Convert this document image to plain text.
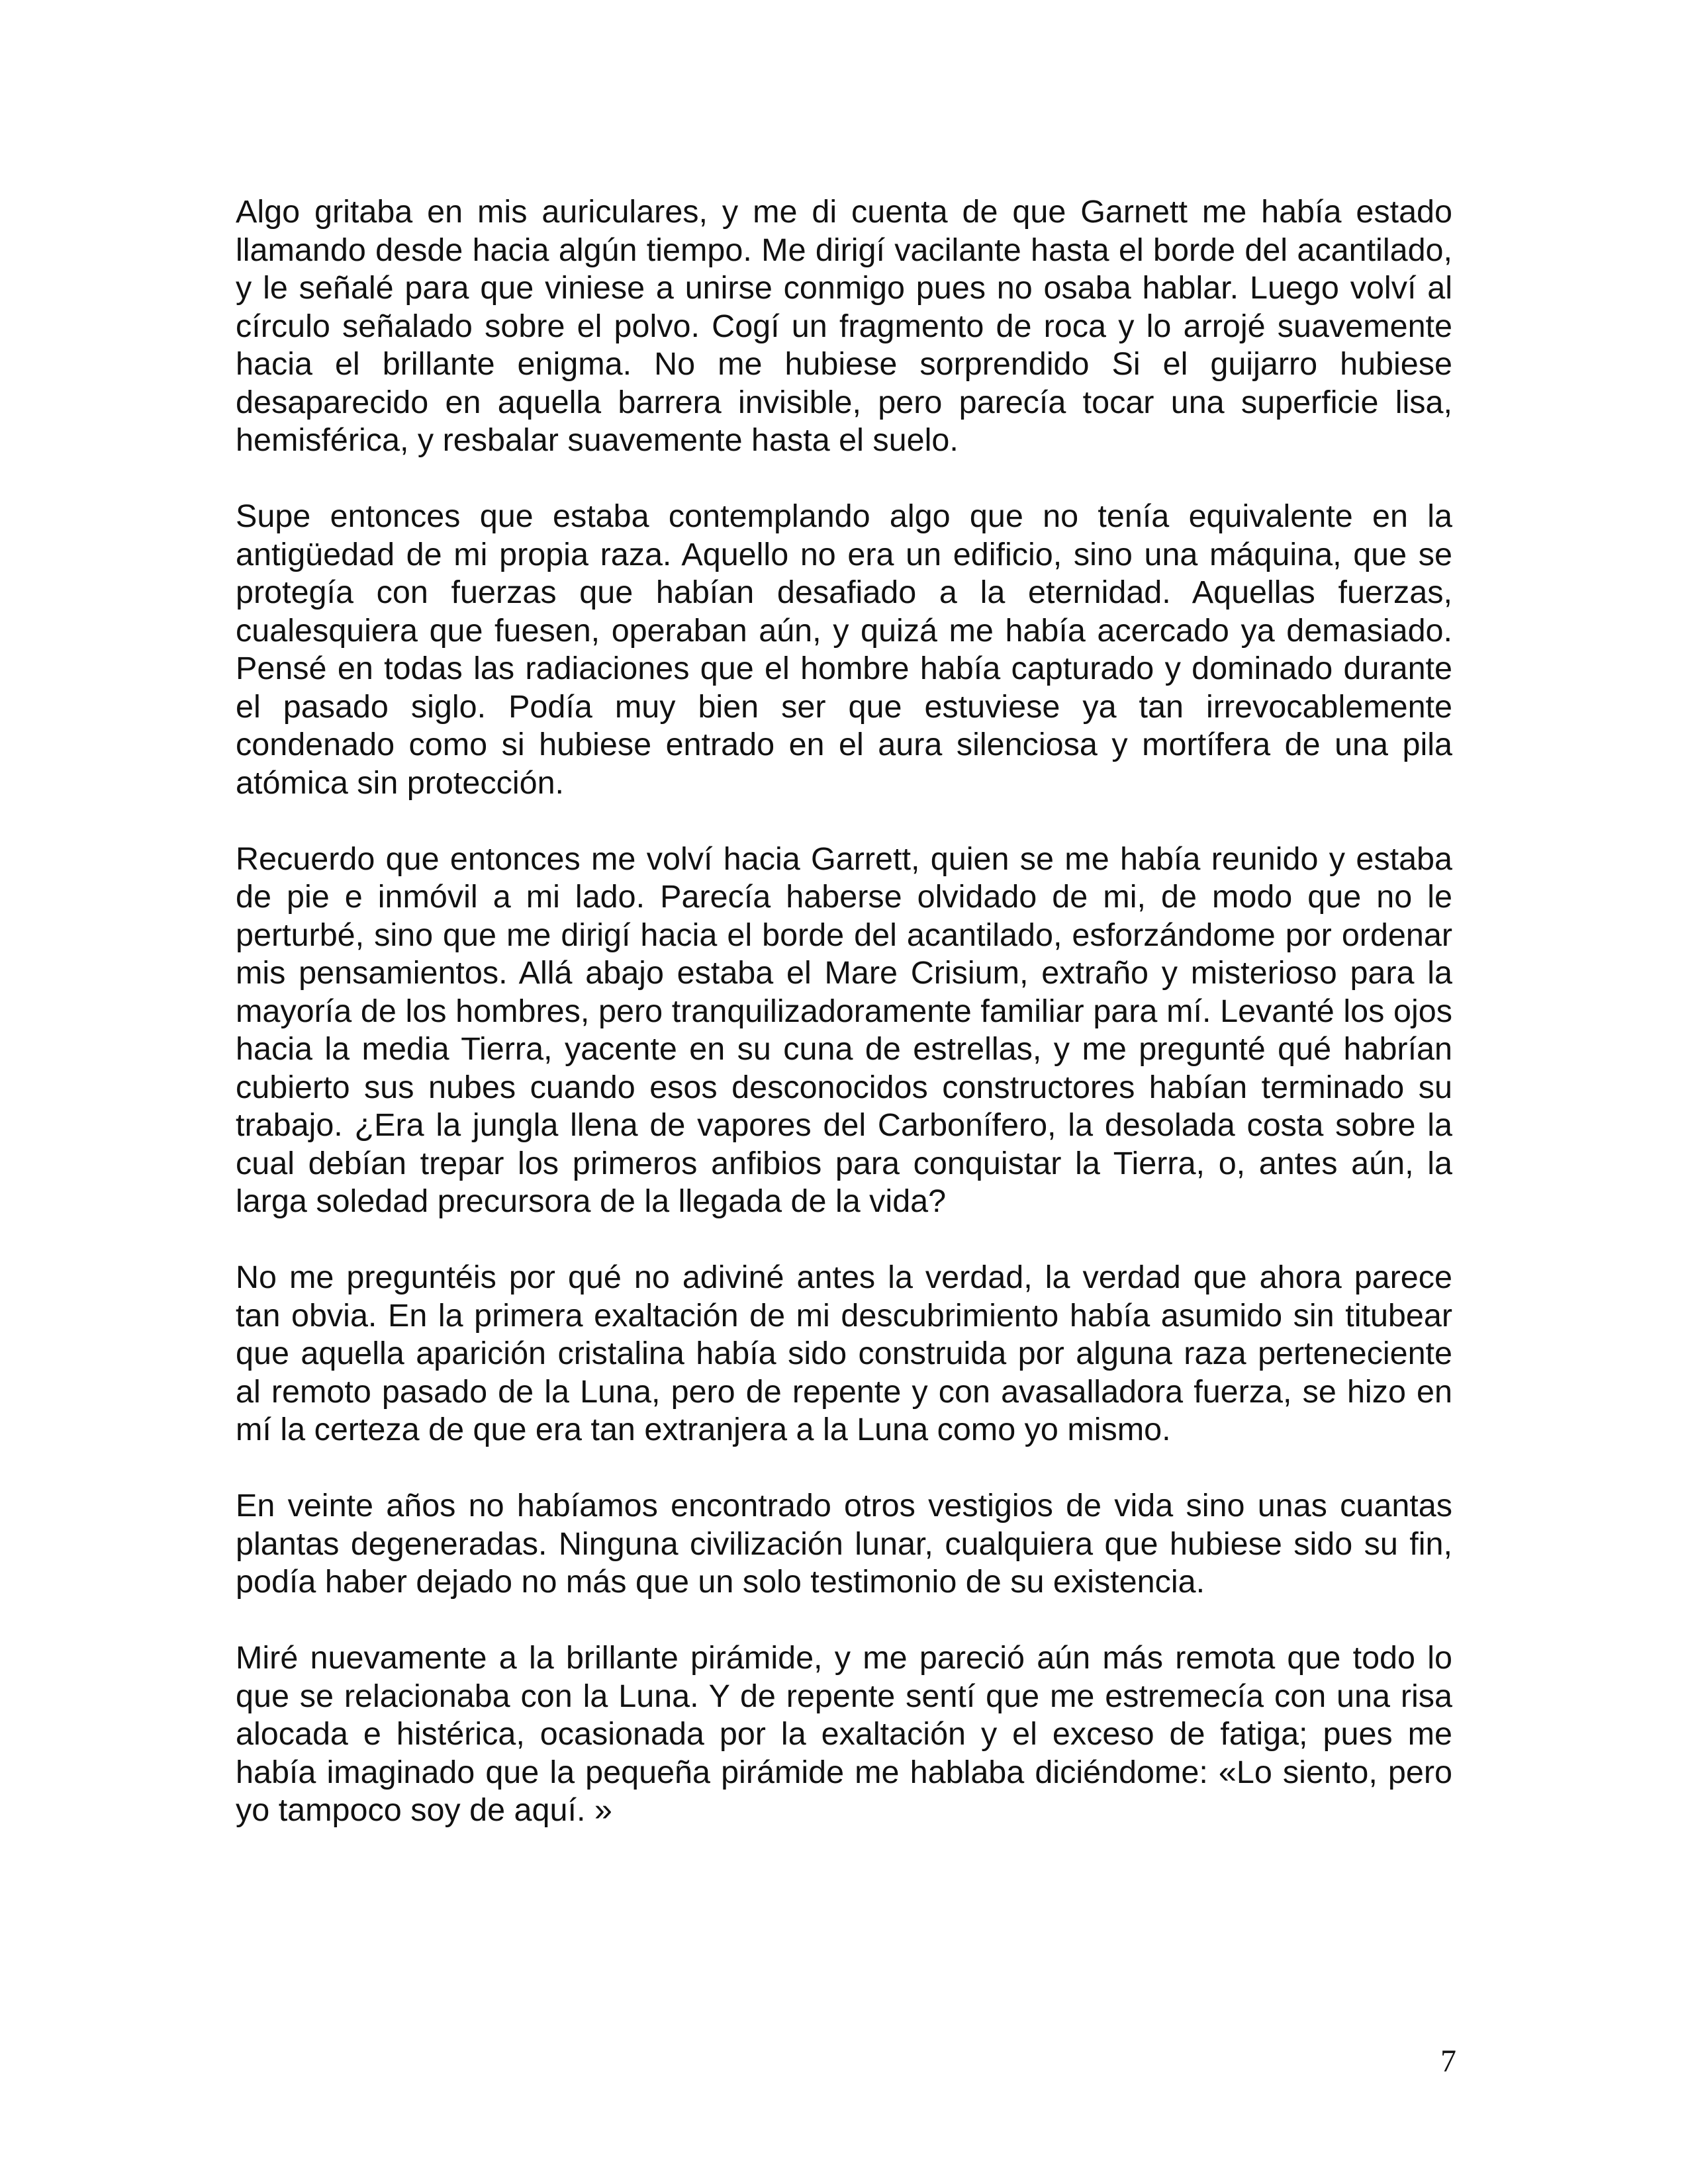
Algo gritaba en mis auriculares, y me di cuenta de que Garnett me había estado llamando desde hacia algún tiempo. Me dirigí vacilante hasta el borde del acantilado, y le señalé para que viniese a unirse conmigo pues no osaba hablar. Luego volví al círculo señalado sobre el polvo. Cogí un fragmento de roca y lo arrojé suavemente hacia el brillante enigma. No me hubiese sorprendido Si el guijarro hubiese desaparecido en aquella barrera invisible, pero parecía tocar una superficie lisa, hemisférica, y resbalar suavemente hasta el suelo.

Supe entonces que estaba contemplando algo que no tenía equivalente en la antigüedad de mi propia raza. Aquello no era un edificio, sino una máquina, que se protegía con fuerzas que habían desafiado a la eternidad. Aquellas fuerzas, cualesquiera que fuesen, operaban aún, y quizá me había acercado ya demasiado. Pensé en todas las radiaciones que el hombre había capturado y dominado durante el pasado siglo. Podía muy bien ser que estuviese ya tan irrevocablemente condenado como si hubiese entrado en el aura silenciosa y mortífera de una pila atómica sin protección.

Recuerdo que entonces me volví hacia Garrett, quien se me había reunido y estaba de pie e inmóvil a mi lado. Parecía haberse olvidado de mi, de modo que no le perturbé, sino que me dirigí hacia el borde del acantilado, esforzándome por ordenar mis pensamientos. Allá abajo estaba el Mare Crisium, extraño y misterioso para la mayoría de los hombres, pero tranquilizadoramente familiar para mí. Levanté los ojos hacia la media Tierra, yacente en su cuna de estrellas, y me pregunté qué habrían cubierto sus nubes cuando esos desconocidos constructores habían terminado su trabajo. ¿Era la jungla llena de vapores del Carbonífero, la desolada costa sobre la cual debían trepar los primeros anfibios para conquistar la Tierra, o, antes aún, la larga soledad precursora de la llegada de la vida?

No me preguntéis por qué no adiviné antes la verdad, la verdad que ahora parece tan obvia. En la primera exaltación de mi descubrimiento había asumido sin titubear que aquella aparición cristalina había sido construida por alguna raza perteneciente al remoto pasado de la Luna, pero de repente y con avasalladora fuerza, se hizo en mí la certeza de que era tan extranjera a la Luna como yo mismo.

En veinte años no habíamos encontrado otros vestigios de vida sino unas cuantas plantas degeneradas. Ninguna civilización lunar, cualquiera que hubiese sido su fin, podía haber dejado no más que un solo testimonio de su existencia.

Miré nuevamente a la brillante pirámide, y me pareció aún más remota que todo lo que se relacionaba con la Luna. Y de repente sentí que me estremecía con una risa alocada e histérica, ocasionada por la exaltación y el exceso de fatiga; pues me había imaginado que la pequeña pirámide me hablaba diciéndome: «Lo siento, pero yo tampoco soy de aquí. »

7
